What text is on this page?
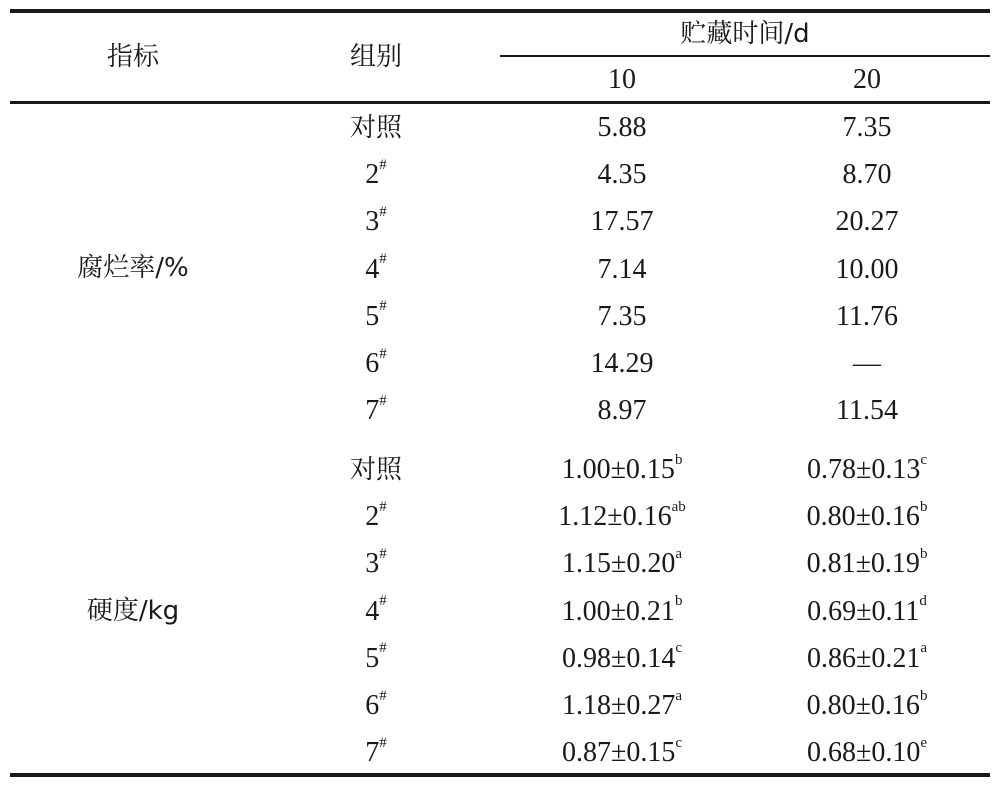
指标	组别
贮藏时间/d
10	20
腐烂率/%
对照	5.88	7.35
2#	4.35	8.70
3#	17.57	20.27
4#	7.14	10.00
5#	7.35	11.76
6#	14.29	—
7#	8.97	11.54
硬度/kg
对照	1.00±0.15$^b$	0.78±0.13$^c$
2#	1.12±0.16$^{ab}$	0.80±0.16$^b$
3#	1.15±0.20$^a$	0.81±0.19$^b$
4#	1.00±0.21$^b$	0.69±0.11$^d$
5#	0.98±0.14$^c$	0.86±0.21$^a$
6#	1.18±0.27$^a$	0.80±0.16$^b$
7#	0.87±0.15$^c$	0.68±0.10$^e$
